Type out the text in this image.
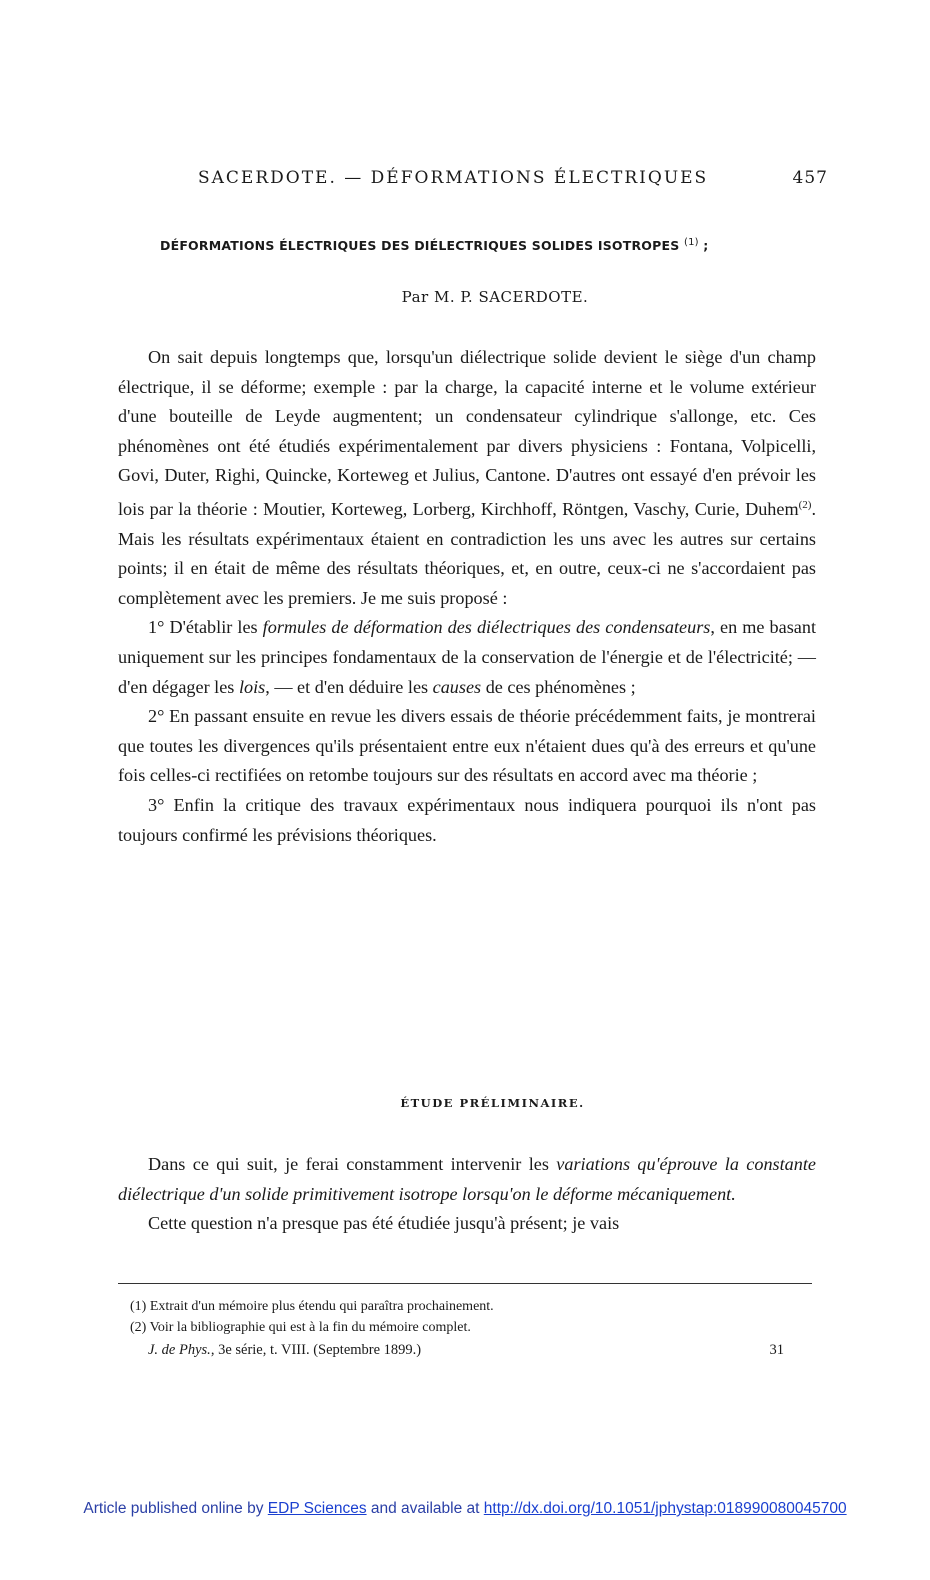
SACERDOTE. — DÉFORMATIONS ÉLECTRIQUES	457
DÉFORMATIONS ÉLECTRIQUES DES DIÉLECTRIQUES SOLIDES ISOTROPES $^{(1)}$ ;
Par M. P. SACERDOTE.

On sait depuis longtemps que, lorsqu'un diélectrique solide devient le siège d'un champ électrique, il se déforme; exemple : par la charge, la capacité interne et le volume extérieur d'une bouteille de Leyde augmentent; un condensateur cylindrique s'allonge, etc. Ces phénomènes ont été étudiés expérimentalement par divers physiciens : Fontana, Volpicelli, Govi, Duter, Righi, Quincke, Korteweg et Julius, Cantone. D'autres ont essayé d'en prévoir les lois par la théorie : Moutier, Korteweg, Lorberg, Kirchhoff, Röntgen, Vaschy, Curie, Duhem$^{(2)}$. Mais les résultats expérimentaux étaient en contradiction les uns avec les autres sur certains points; il en était de même des résultats théoriques, et, en outre, ceux-ci ne s'accordaient pas complètement avec les premiers. Je me suis proposé :

1° D'établir les formules de déformation des diélectriques des condensateurs, en me basant uniquement sur les principes fondamentaux de la conservation de l'énergie et de l'électricité; — d'en dégager les lois, — et d'en déduire les causes de ces phénomènes ;

2° En passant ensuite en revue les divers essais de théorie précédemment faits, je montrerai que toutes les divergences qu'ils présentaient entre eux n'étaient dues qu'à des erreurs et qu'une fois celles-ci rectifiées on retombe toujours sur des résultats en accord avec ma théorie ;

3° Enfin la critique des travaux expérimentaux nous indiquera pourquoi ils n'ont pas toujours confirmé les prévisions théoriques.

ÉTUDE PRÉLIMINAIRE.

Dans ce qui suit, je ferai constamment intervenir les variations qu'éprouve la constante diélectrique d'un solide primitivement isotrope lorsqu'on le déforme mécaniquement.

Cette question n'a presque pas été étudiée jusqu'à présent; je vais

(1) Extrait d'un mémoire plus étendu qui paraîtra prochainement.

(2) Voir la bibliographie qui est à la fin du mémoire complet.

J. de Phys., 3e série, t. VIII. (Septembre 1899.)	31
Article published online by EDP Sciences and available at http://dx.doi.org/10.1051/jphystap:018990080045700
